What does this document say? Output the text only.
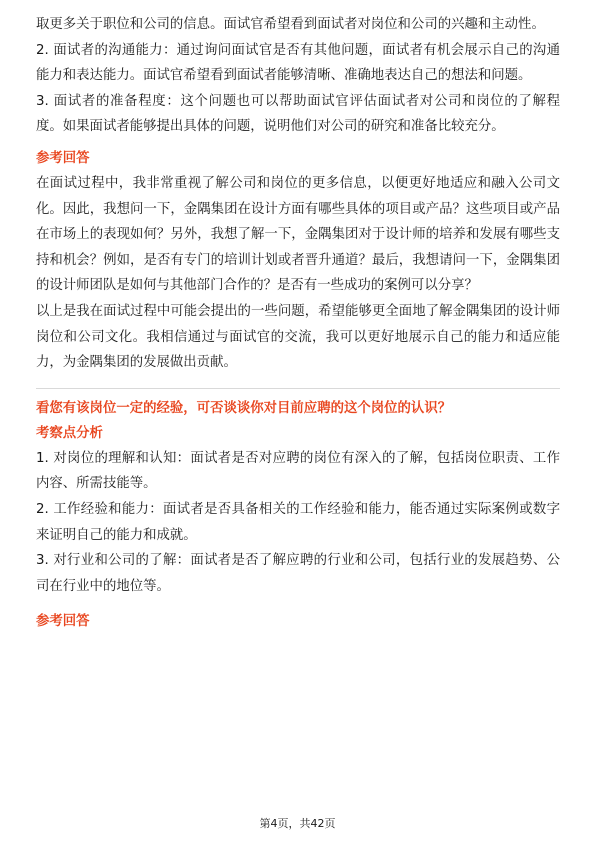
取更多关于职位和公司的信息。面试官希望看到面试者对岗位和公司的兴趣和主动性。

2. 面试者的沟通能力：通过询问面试官是否有其他问题，面试者有机会展示自己的沟通能力和表达能力。面试官希望看到面试者能够清晰、准确地表达自己的想法和问题。

3. 面试者的准备程度：这个问题也可以帮助面试官评估面试者对公司和岗位的了解程度。如果面试者能够提出具体的问题，说明他们对公司的研究和准备比较充分。

参考回答

在面试过程中，我非常重视了解公司和岗位的更多信息，以便更好地适应和融入公司文化。因此，我想问一下，金隅集团在设计方面有哪些具体的项目或产品？这些项目或产品在市场上的表现如何？另外，我想了解一下，金隅集团对于设计师的培养和发展有哪些支持和机会？例如，是否有专门的培训计划或者晋升通道？最后，我想请问一下，金隅集团的设计师团队是如何与其他部门合作的？是否有一些成功的案例可以分享？

以上是我在面试过程中可能会提出的一些问题，希望能够更全面地了解金隅集团的设计师岗位和公司文化。我相信通过与面试官的交流，我可以更好地展示自己的能力和适应能力，为金隅集团的发展做出贡献。

看您有该岗位一定的经验，可否谈谈你对目前应聘的这个岗位的认识？

考察点分析

1. 对岗位的理解和认知：面试者是否对应聘的岗位有深入的了解，包括岗位职责、工作内容、所需技能等。

2. 工作经验和能力：面试者是否具备相关的工作经验和能力，能否通过实际案例或数字来证明自己的能力和成就。

3. 对行业和公司的了解：面试者是否了解应聘的行业和公司，包括行业的发展趋势、公司在行业中的地位等。

参考回答

第4页，共42页
